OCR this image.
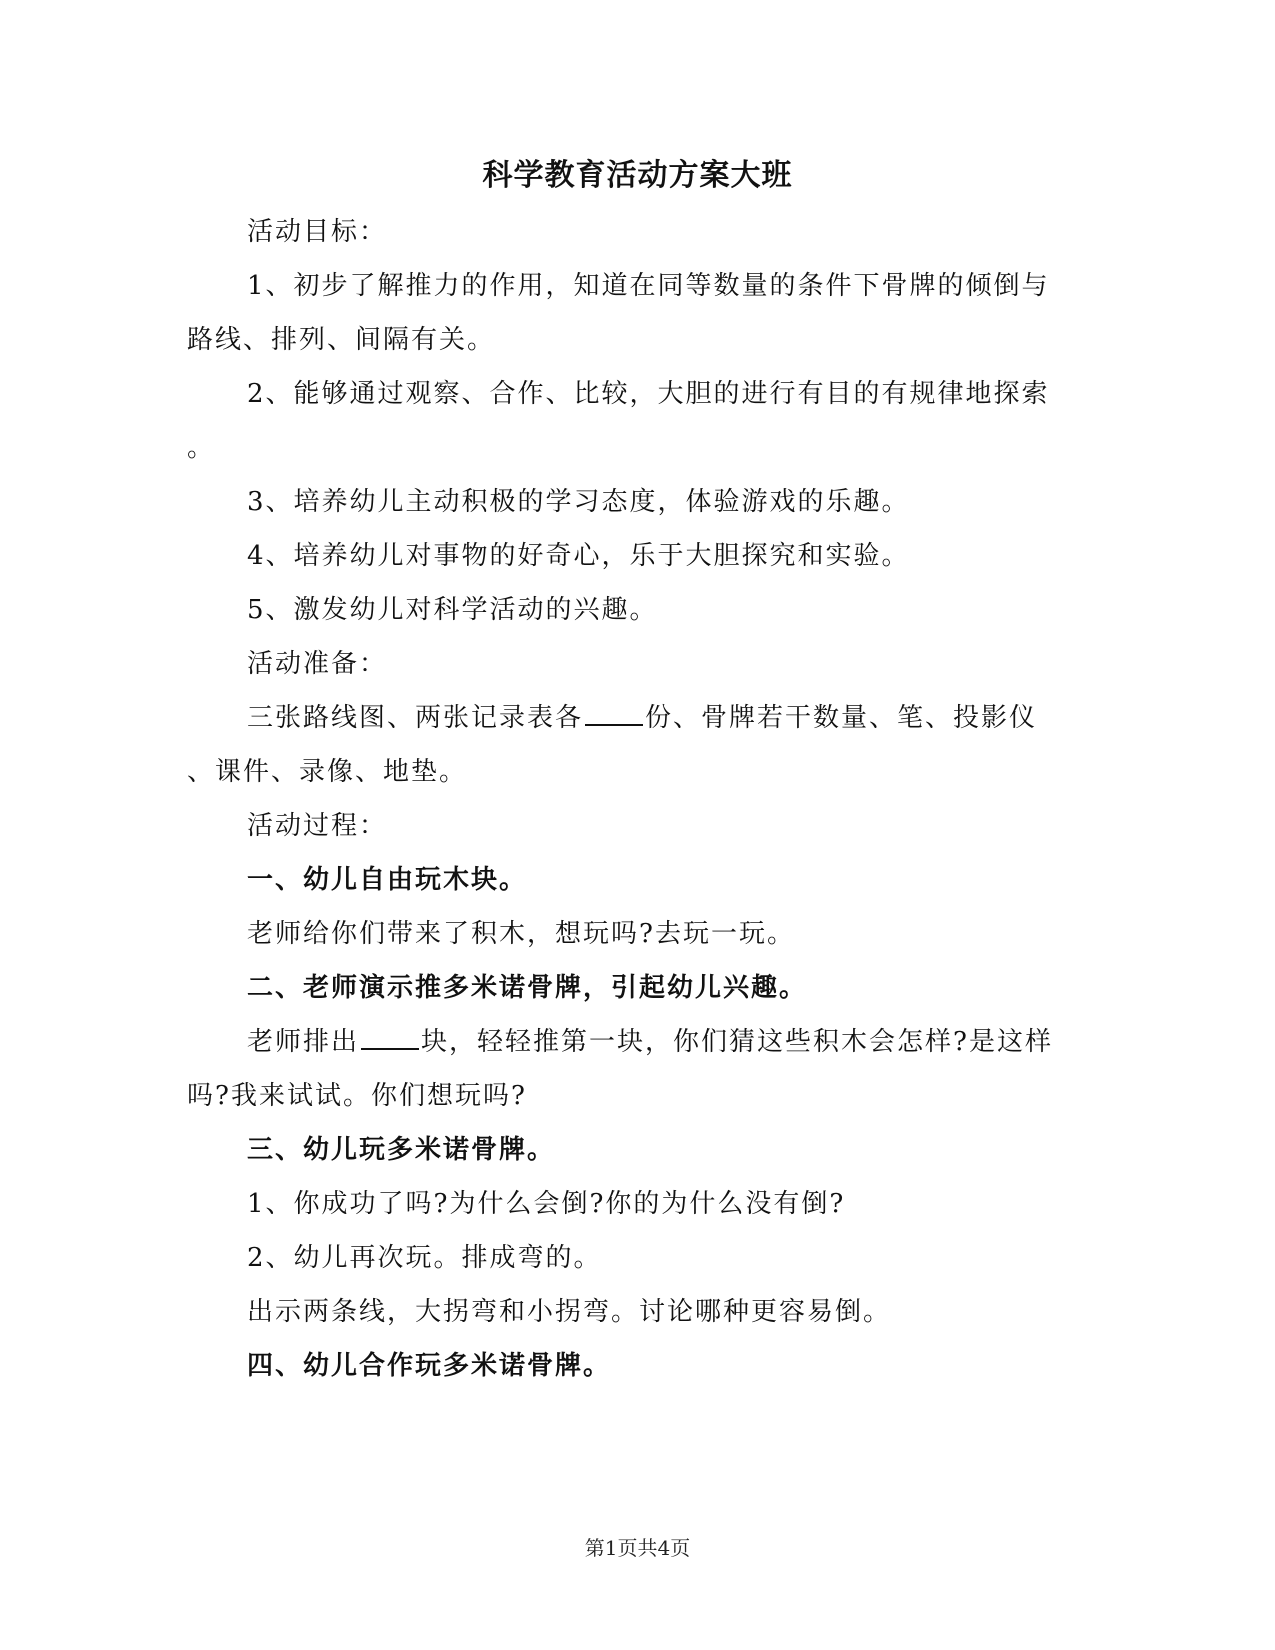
科学教育活动方案大班
活动目标：
1、初步了解推力的作用，知道在同等数量的条件下骨牌的倾倒与
路线、排列、间隔有关。
2、能够通过观察、合作、比较，大胆的进行有目的有规律地探索
。
3、培养幼儿主动积极的学习态度，体验游戏的乐趣。
4、培养幼儿对事物的好奇心，乐于大胆探究和实验。
5、激发幼儿对科学活动的兴趣。
活动准备：
三张路线图、两张记录表各 份、骨牌若干数量、笔、投影仪
、课件、录像、地垫。
活动过程：
一、幼儿自由玩木块。
老师给你们带来了积木，想玩吗?去玩一玩。
二、老师演示推多米诺骨牌，引起幼儿兴趣。
老师排出 块，轻轻推第一块，你们猜这些积木会怎样?是这样
吗?我来试试。你们想玩吗?
三、幼儿玩多米诺骨牌。
1、你成功了吗?为什么会倒?你的为什么没有倒?
2、幼儿再次玩。排成弯的。
出示两条线，大拐弯和小拐弯。讨论哪种更容易倒。
四、幼儿合作玩多米诺骨牌。
第1页共4页
